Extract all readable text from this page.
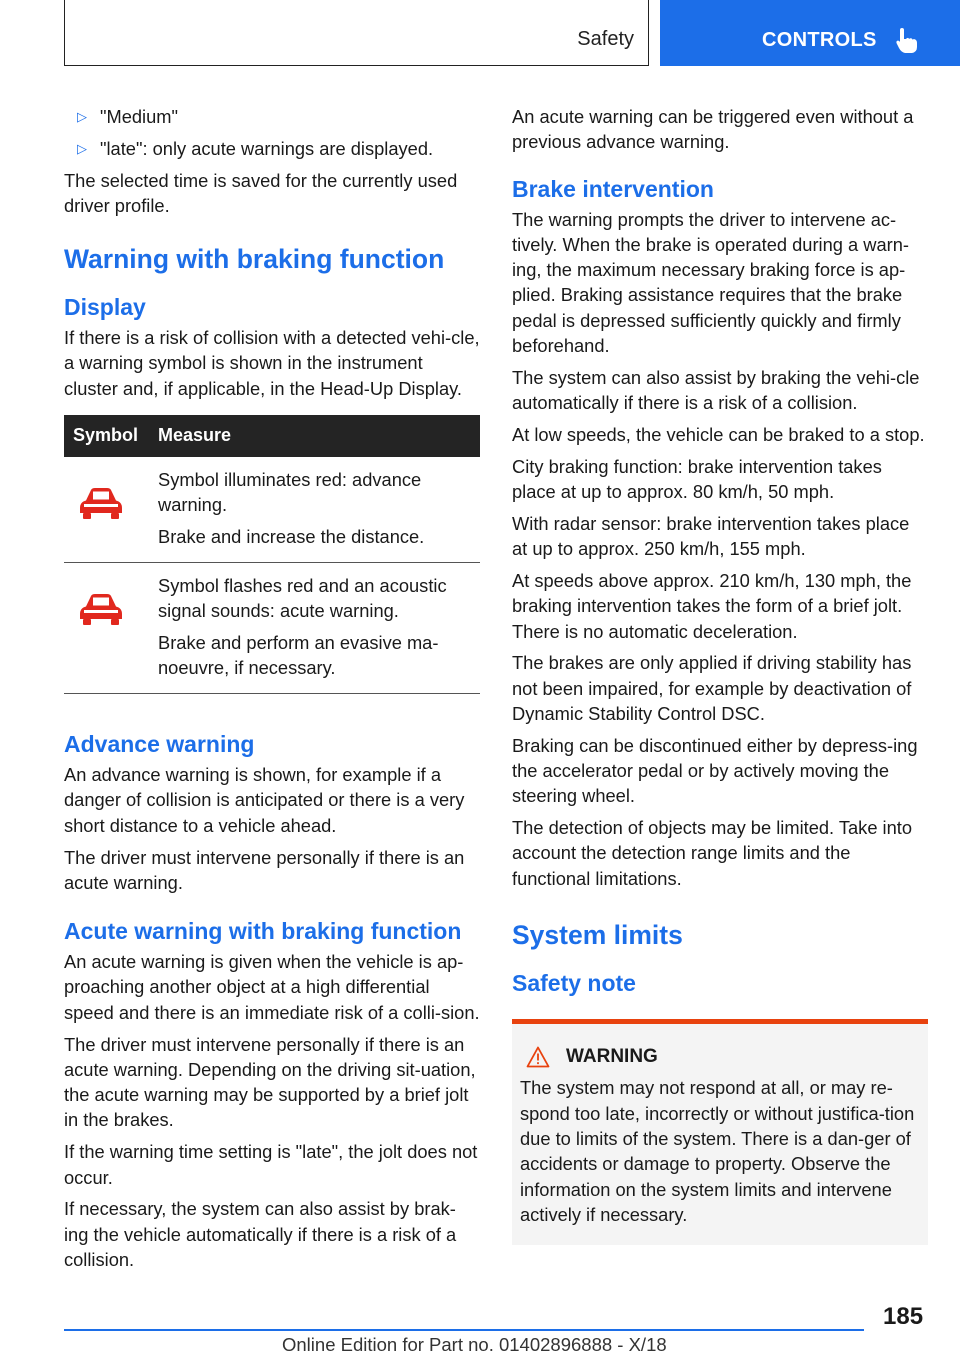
Safety	CONTROLS
▷ "Medium"
▷ "late": only acute warnings are displayed.

The selected time is saved for the currently used driver profile.

Warning with braking function
Display

If there is a risk of collision with a detected vehi‐cle, a warning symbol is shown in the instrument cluster and, if applicable, in the Head-Up Display.

Symbol	Measure

Symbol illuminates red: advance warning.
Brake and increase the distance.

Symbol flashes red and an acoustic signal sounds: acute warning.
Brake and perform an evasive ma‐noeuvre, if necessary.
Advance warning

An advance warning is shown, for example if a danger of collision is anticipated or there is a very short distance to a vehicle ahead.

The driver must intervene personally if there is an acute warning.

Acute warning with braking function

An acute warning is given when the vehicle is ap‐proaching another object at a high differential speed and there is an immediate risk of a colli‐sion.

The driver must intervene personally if there is an acute warning. Depending on the driving sit‐uation, the acute warning may be supported by a brief jolt in the brakes.

If the warning time setting is "late", the jolt does not occur.

If necessary, the system can also assist by brak‐ing the vehicle automatically if there is a risk of a collision.

An acute warning can be triggered even without a previous advance warning.

Brake intervention

The warning prompts the driver to intervene ac‐tively. When the brake is operated during a warn‐ing, the maximum necessary braking force is ap‐plied. Braking assistance requires that the brake pedal is depressed sufficiently quickly and firmly beforehand.

The system can also assist by braking the vehi‐cle automatically if there is a risk of a collision.

At low speeds, the vehicle can be braked to a stop.

City braking function: brake intervention takes place at up to approx. 80 km/h, 50 mph.

With radar sensor: brake intervention takes place at up to approx. 250 km/h, 155 mph.

At speeds above approx. 210 km/h, 130 mph, the braking intervention takes the form of a brief jolt. There is no automatic deceleration.

The brakes are only applied if driving stability has not been impaired, for example by deactivation of Dynamic Stability Control DSC.

Braking can be discontinued either by depress‐ing the accelerator pedal or by actively moving the steering wheel.

The detection of objects may be limited. Take into account the detection range limits and the functional limitations.

System limits
Safety note
WARNING

The system may not respond at all, or may re‐spond too late, incorrectly or without justifica‐tion due to limits of the system. There is a dan‐ger of accidents or damage to property. Observe the information on the system limits and intervene actively if necessary.

185
Online Edition for Part no. 01402896888 - X/18
